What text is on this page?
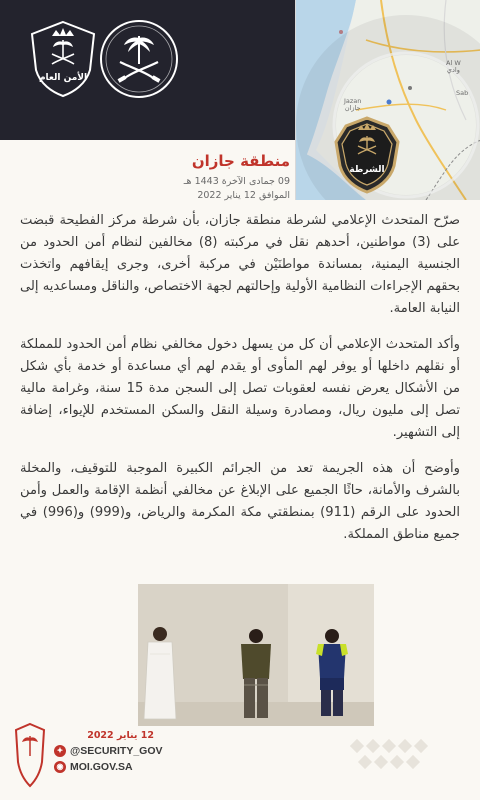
الأمن العام
Jazan
جازان
Al W
وادي
Sab
الشرطة
منطقة جازان
09 جمادى الآخرة 1443 هـ
الموافق 12 يناير 2022

صرّح المتحدث الإعلامي لشرطة منطقة جازان، بأن شرطة مركز الفطيحة قبضت على (3) مواطنين، أحدهم نقل في مركبته (8) مخالفين لنظام أمن الحدود من الجنسية اليمنية، بمساندة مواطنَيْن في مركبة أخرى، وجرى إيقافهم واتخذت بحقهم الإجراءات النظامية الأولية وإحالتهم لجهة الاختصاص، والناقل ومساعديه إلى النيابة العامة.

وأكد المتحدث الإعلامي أن كل من يسهل دخول مخالفي نظام أمن الحدود للمملكة أو نقلهم داخلها أو يوفر لهم المأوى أو يقدم لهم أي مساعدة أو خدمة بأي شكل من الأشكال يعرض نفسه لعقوبات تصل إلى السجن مدة 15 سنة، وغرامة مالية تصل إلى مليون ريال، ومصادرة وسيلة النقل والسكن المستخدم للإيواء، إضافة إلى التشهير.

وأوضح أن هذه الجريمة تعد من الجرائم الكبيرة الموجبة للتوقيف، والمخلة بالشرف والأمانة، حاثًا الجميع على الإبلاغ عن مخالفي أنظمة الإقامة والعمل وأمن الحدود على الرقم (911) بمنطقتي مكة المكرمة والرياض، و(999) و(996) في جميع مناطق المملكة.

12 يناير 2022
✦ @SECURITY_GOV
◉ MOI.GOV.SA
